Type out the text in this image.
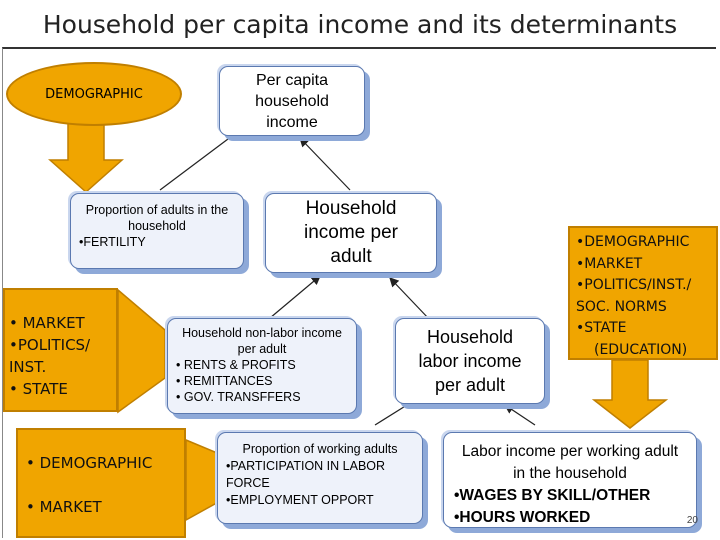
Household per capita income and its determinants
DEMOGRAPHIC
Per capita household income
Proportion of adults in the household
•FERTILITY
Household income per adult
• MARKET
•POLITICS/
INST.
• STATE
Household non-labor income per adult
• RENTS & PROFITS
• REMITTANCES
• GOV. TRANSFFERS
Household labor income per adult
•DEMOGRAPHIC
•MARKET
•POLITICS/INST./
SOC. NORMS
•STATE
(EDUCATION)
• DEMOGRAPHIC
• MARKET
Proportion of working adults
•PARTICIPATION IN LABOR FORCE
•EMPLOYMENT OPPORT
Labor income per working adult in the household
•WAGES BY SKILL/OTHER
•HOURS WORKED	20
